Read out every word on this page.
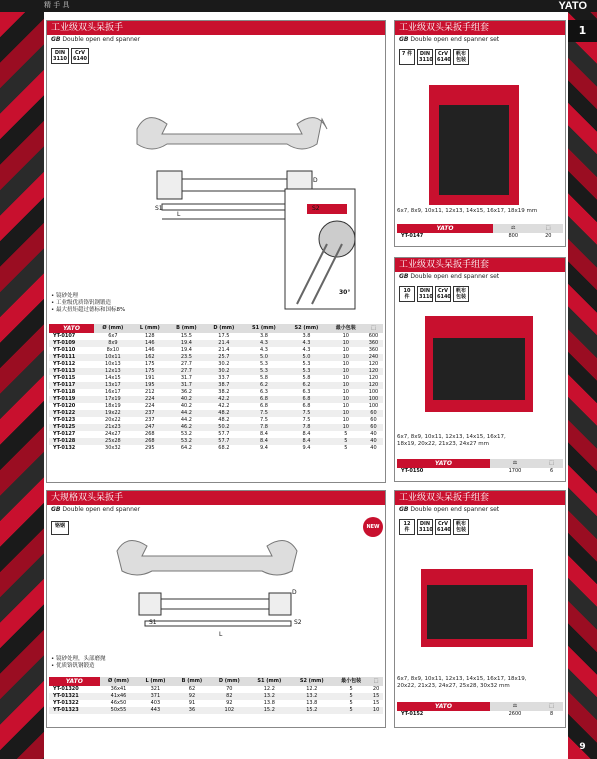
精 手 具	YATO
1
9
工业级双头呆扳手
GB Double open end spanner
DIN 3110
CrV 6140
L
S1	S2
D
30°
• 镜砂处理
• 工业级优质铬钒钢锻造
• 最大扭矩超过德标和国标8%
YATO	Ø (mm)	L (mm)	B (mm)	D (mm)	S1 (mm)	S2 (mm)	最小包装	⬚
YT-0107	6x7	128	15.5	17.5	3.8	3.8	10	600
YT-0109	8x9	146	19.4	21.4	4.3	4.3	10	360
YT-0110	8x10	146	19.4	21.4	4.3	4.3	10	360
YT-0111	10x11	162	23.5	25.7	5.0	5.0	10	240
YT-0112	10x13	175	27.7	30.2	5.3	5.3	10	120
YT-0113	12x13	175	27.7	30.2	5.3	5.3	10	120
YT-0115	14x15	191	31.7	33.7	5.8	5.8	10	120
YT-0117	13x17	195	31.7	38.7	6.2	6.2	10	120
YT-0118	16x17	212	36.2	38.2	6.3	6.3	10	100
YT-0119	17x19	224	40.2	42.2	6.8	6.8	10	100
YT-0120	18x19	224	40.2	42.2	6.8	6.8	10	100
YT-0122	19x22	237	44.2	48.2	7.5	7.5	10	60
YT-0123	20x22	237	44.2	48.2	7.5	7.5	10	60
YT-0125	21x23	247	46.2	50.2	7.8	7.8	10	60
YT-0127	24x27	268	53.2	57.7	8.4	8.4	5	40
YT-0128	25x28	268	53.2	57.7	8.4	8.4	5	40
YT-0132	30x32	295	64.2	68.2	9.4	9.4	5	40
大规格双头呆扳手
GB Double open end spanner
铬钢	NEW
S1	S2
L
D
• 镜砂处理，头部磨抛
• 优质铬钒钢锻造
YATO	Ø (mm)	L (mm)	B (mm)	D (mm)	S1 (mm)	S2 (mm)	最小包装	⬚
YT-01320	36x41	321	62	70	12.2	12.2	5	20
YT-01321	41x46	371	92	82	13.2	13.2	5	15
YT-01322	46x50	403	91	92	13.8	13.8	5	15
YT-01323	50x55	443	36	102	15.2	15.2	5	10
工业级双头呆扳手组套
GB Double open end spanner set
7 件	DIN 3110
CrV 6140
帆布包装
6x7, 8x9, 10x11, 12x13, 14x15, 16x17, 18x19 mm
YATO	⚖	⬚
YT-0147	800	20
工业级双头呆扳手组套
GB Double open end spanner set
10 件
DIN 3110
CrV 6140
帆布包装
6x7, 8x9, 10x11, 12x13, 14x15, 16x17,
18x19, 20x22, 21x23, 24x27 mm
YATO	⚖	⬚
YT-0150	1700	6
工业级双头呆扳手组套
GB Double open end spanner set
12 件
DIN 3110
CrV 6140
帆布包装
6x7, 8x9, 10x11, 12x13, 14x15, 16x17, 18x19,
20x22, 21x23, 24x27, 25x28, 30x32 mm
YATO	⚖	⬚
YT-0152	2600	8
